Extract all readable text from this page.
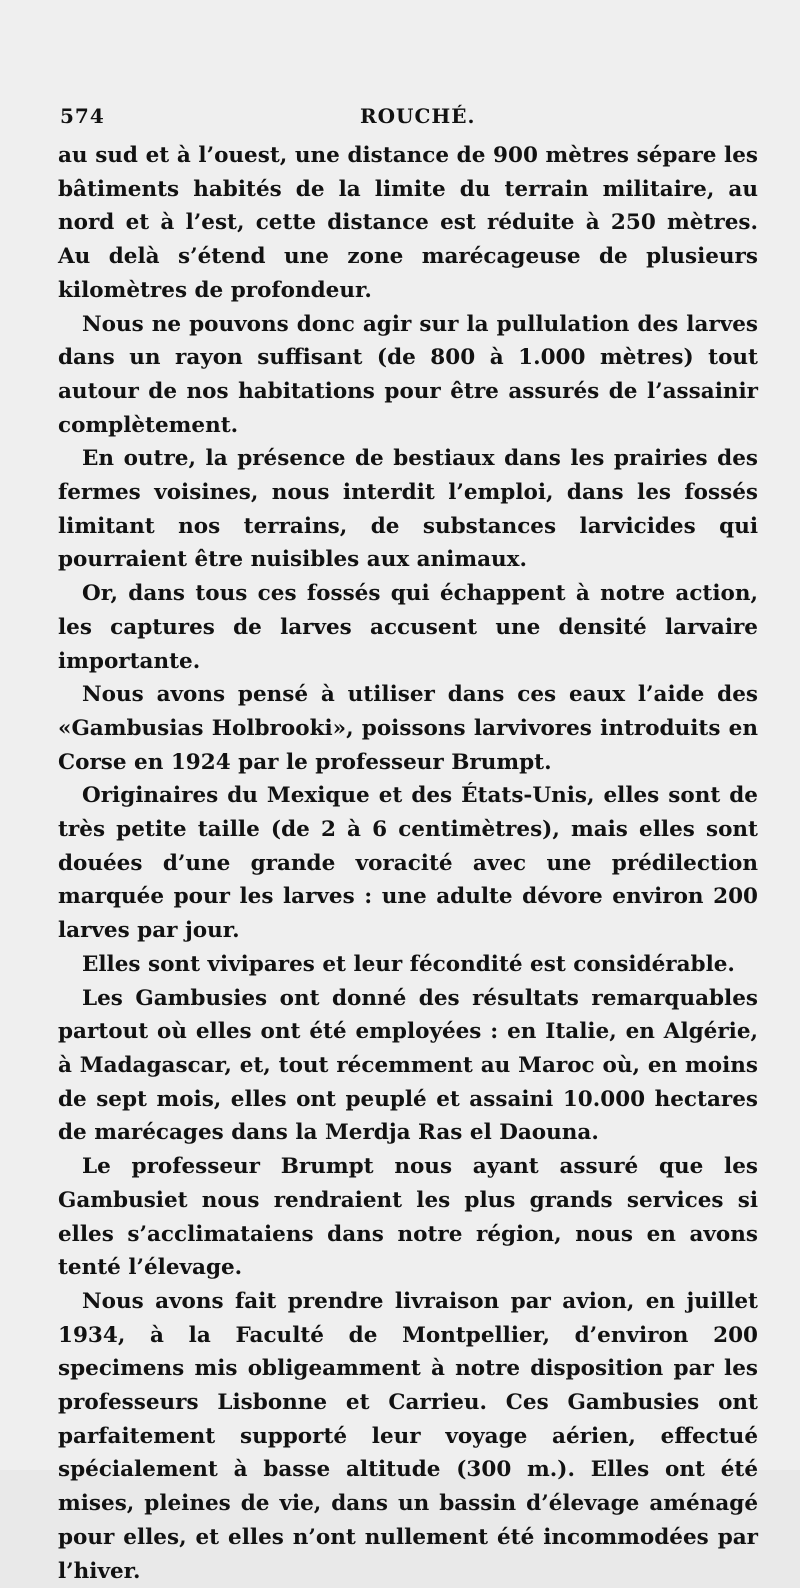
574	ROUCHÉ.

au sud et à l’ouest, une distance de 900 mètres sépare les bâtiments habités de la limite du terrain militaire, au nord et à l’est, cette distance est réduite à 250 mètres. Au delà s’étend une zone marécageuse de plusieurs kilomètres de profondeur.

Nous ne pouvons donc agir sur la pullulation des larves dans un rayon suffisant (de 800 à 1.000 mètres) tout autour de nos habitations pour être assurés de l’assainir complètement.

En outre, la présence de bestiaux dans les prairies des fermes voisines, nous interdit l’emploi, dans les fossés limitant nos terrains, de substances larvicides qui pourraient être nuisibles aux animaux.

Or, dans tous ces fossés qui échappent à notre action, les captures de larves accusent une densité larvaire importante.

Nous avons pensé à utiliser dans ces eaux l’aide des «Gambusias Holbrooki», poissons larvivores introduits en Corse en 1924 par le professeur Brumpt.

Originaires du Mexique et des États-Unis, elles sont de très petite taille (de 2 à 6 centimètres), mais elles sont douées d’une grande voracité avec une prédilection marquée pour les larves : une adulte dévore environ 200 larves par jour.

Elles sont vivipares et leur fécondité est considérable.

Les Gambusies ont donné des résultats remarquables partout où elles ont été employées : en Italie, en Algérie, à Madagascar, et, tout récemment au Maroc où, en moins de sept mois, elles ont peuplé et assaini 10.000 hectares de marécages dans la Merdja Ras el Daouna.

Le professeur Brumpt nous ayant assuré que les Gambusiet nous rendraient les plus grands services si elles s’acclimataiens dans notre région, nous en avons tenté l’élevage.

Nous avons fait prendre livraison par avion, en juillet 1934, à la Faculté de Montpellier, d’environ 200 specimens mis obligeamment à notre disposition par les professeurs Lisbonne et Carrieu. Ces Gambusies ont parfaitement supporté leur voyage aérien, effectué spécialement à basse altitude (300 m.). Elles ont été mises, pleines de vie, dans un bassin d’élevage aménagé pour elles, et elles n’ont nullement été incommodées par l’hiver.
